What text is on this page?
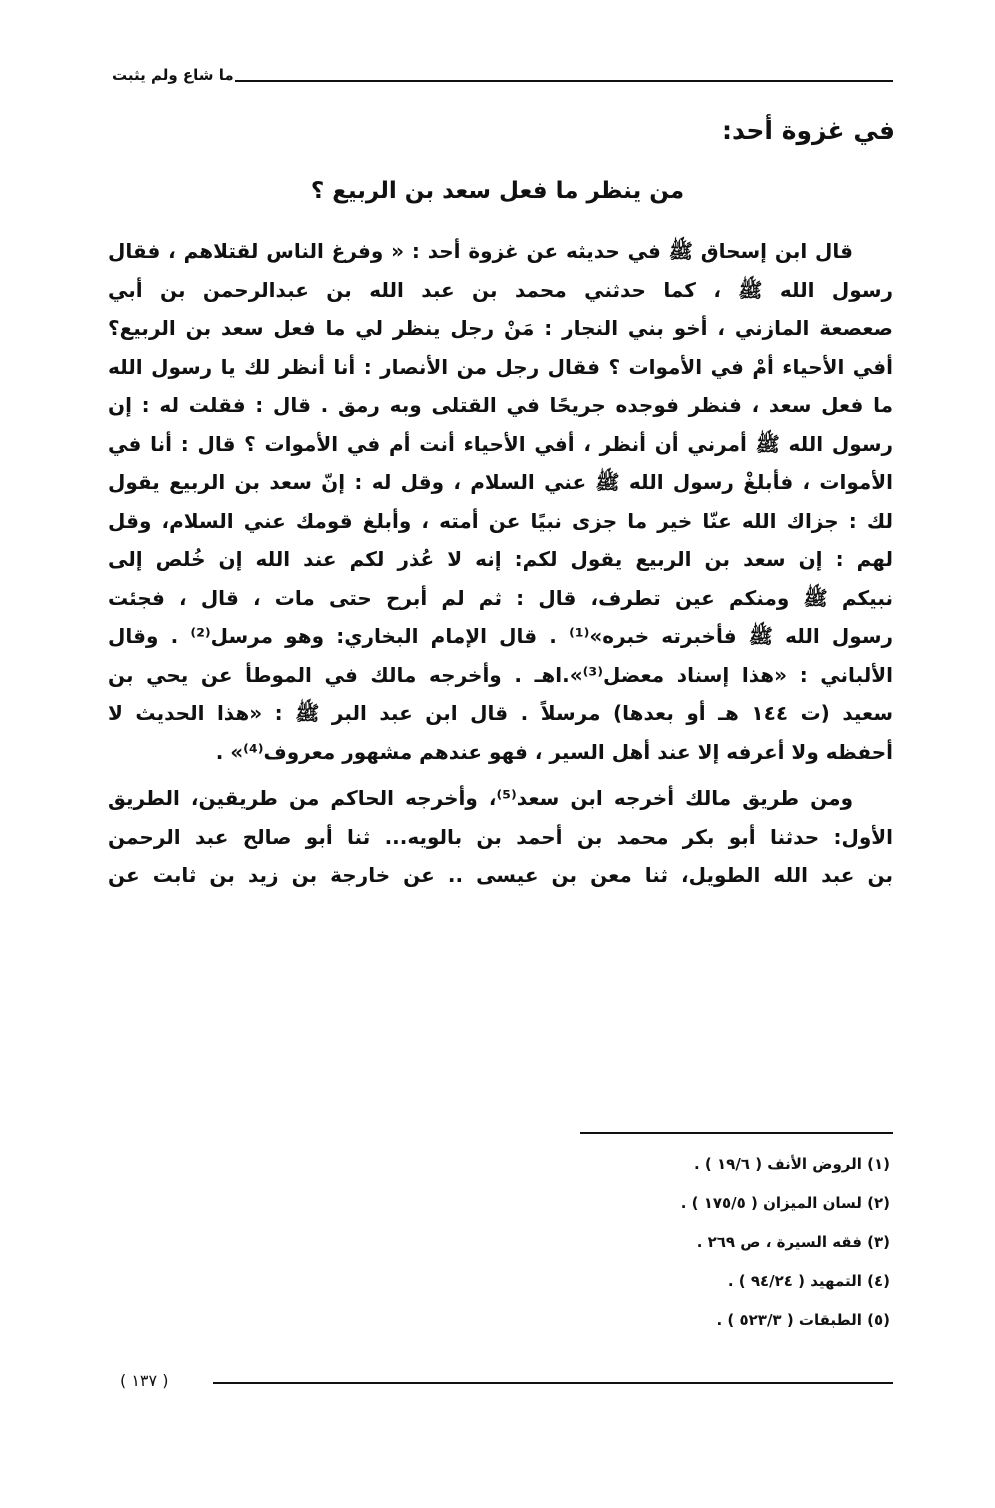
ما شاع ولم يثبت
في غزوة أحد:
من ينظر ما فعل سعد بن الربيع ؟
قال ابن إسحاق ﷺ في حديثه عن غزوة أحد : « وفرغ الناس لقتلاهم ، فقال
رسول الله ﷺ ، كما حدثني محمد بن عبد الله بن عبدالرحمن بن أبي
صعصعة المازني ، أخو بني النجار : مَنْ رجل ينظر لي ما فعل سعد بن الربيع؟
أفي الأحياء أمْ في الأموات ؟ فقال رجل من الأنصار : أنا أنظر لك يا رسول الله
ما فعل سعد ، فنظر فوجده جريحًا في القتلى وبه رمق . قال : فقلت له : إن
رسول الله ﷺ أمرني أن أنظر ، أفي الأحياء أنت أم في الأموات ؟ قال : أنا في
الأموات ، فأبلغْ رسول الله ﷺ عني السلام ، وقل له : إنّ سعد بن الربيع يقول
لك : جزاك الله عنّا خير ما جزى نبيًا عن أمته ، وأبلغ قومك عني السلام، وقل
لهم : إن سعد بن الربيع يقول لكم: إنه لا عُذر لكم عند الله إن خُلص إلى
نبيكم ﷺ ومنكم عين تطرف، قال : ثم لم أبرح حتى مات ، قال ، فجئت
رسول الله ﷺ فأخبرته خبره»⁽¹⁾ . قال الإمام البخاري: وهو مرسل⁽²⁾ . وقال
الألباني : «هذا إسناد معضل⁽³⁾».اهـ . وأخرجه مالك في الموطأ عن يحي بن
سعيد (ت ١٤٤ هـ أو بعدها) مرسلاً . قال ابن عبد البر ﷺ : «هذا الحديث لا
أحفظه ولا أعرفه إلا عند أهل السير ، فهو عندهم مشهور معروف⁽⁴⁾» .
ومن طريق مالك أخرجه ابن سعد⁽⁵⁾، وأخرجه الحاكم من طريقين، الطريق
الأول: حدثنا أبو بكر محمد بن أحمد بن بالويه... ثنا أبو صالح عبد الرحمن
بن عبد الله الطويل، ثنا معن بن عيسى .. عن خارجة بن زيد بن ثابت عن
(١) الروض الأنف ( ١٩/٦ ) .
(٢) لسان الميزان ( ١٧٥/٥ ) .
(٣) فقه السيرة ، ص ٢٦٩ .
(٤) التمهيد ( ٩٤/٢٤ ) .
(٥) الطبقات ( ٥٢٣/٣ ) .
( ١٣٧ )
